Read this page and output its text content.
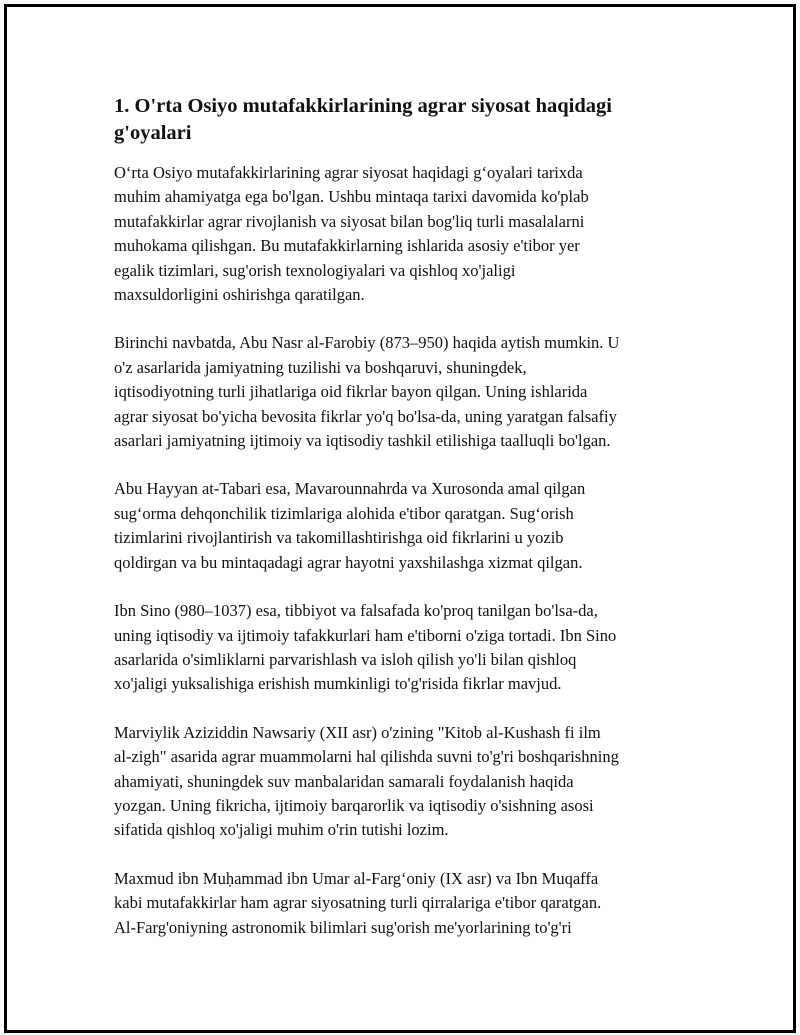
1. O'rta Osiyo mutafakkirlarining agrar siyosat haqidagi
g'oyalari

O‘rta Osiyo mutafakkirlarining agrar siyosat haqidagi g‘oyalari tarixda
muhim ahamiyatga ega bo'lgan. Ushbu mintaqa tarixi davomida ko'plab
mutafakkirlar agrar rivojlanish va siyosat bilan bog'liq turli masalalarni
muhokama qilishgan. Bu mutafakkirlarning ishlarida asosiy e'tibor yer
egalik tizimlari, sug'orish texnologiyalari va qishloq xo'jaligi
maxsuldorligini oshirishga qaratilgan.

Birinchi navbatda, Abu Nasr al-Farobiy (873–950) haqida aytish mumkin. U
o'z asarlarida jamiyatning tuzilishi va boshqaruvi, shuningdek,
iqtisodiyotning turli jihatlariga oid fikrlar bayon qilgan. Uning ishlarida
agrar siyosat bo'yicha bevosita fikrlar yo'q bo'lsa-da, uning yaratgan falsafiy
asarlari jamiyatning ijtimoiy va iqtisodiy tashkil etilishiga taalluqli bo'lgan.

Abu Hayyan at-Tabari esa, Mavarounnahrda va Xurosonda amal qilgan
sug‘orma dehqonchilik tizimlariga alohida e'tibor qaratgan. Sug‘orish
tizimlarini rivojlantirish va takomillashtirishga oid fikrlarini u yozib
qoldirgan va bu mintaqadagi agrar hayotni yaxshilashga xizmat qilgan.

Ibn Sino (980–1037) esa, tibbiyot va falsafada ko'proq tanilgan bo'lsa-da,
uning iqtisodiy va ijtimoiy tafakkurlari ham e'tiborni o'ziga tortadi. Ibn Sino
asarlarida o'simliklarni parvarishlash va isloh qilish yo'li bilan qishloq
xo'jaligi yuksalishiga erishish mumkinligi to'g'risida fikrlar mavjud.

Marviylik Aziziddin Nawsariy (XII asr) o'zining "Kitob al-Kushash fi ilm
al-zigh" asarida agrar muammolarni hal qilishda suvni to'g'ri boshqarishning
ahamiyati, shuningdek suv manbalaridan samarali foydalanish haqida
yozgan. Uning fikricha, ijtimoiy barqarorlik va iqtisodiy o'sishning asosi
sifatida qishloq xo'jaligi muhim o'rin tutishi lozim.

Maxmud ibn Muḥammad ibn Umar al-Farg‘oniy (IX asr) va Ibn Muqaffa
kabi mutafakkirlar ham agrar siyosatning turli qirralariga e'tibor qaratgan.
Al-Farg'oniyning astronomik bilimlari sug'orish me'yorlarining to'g'ri
